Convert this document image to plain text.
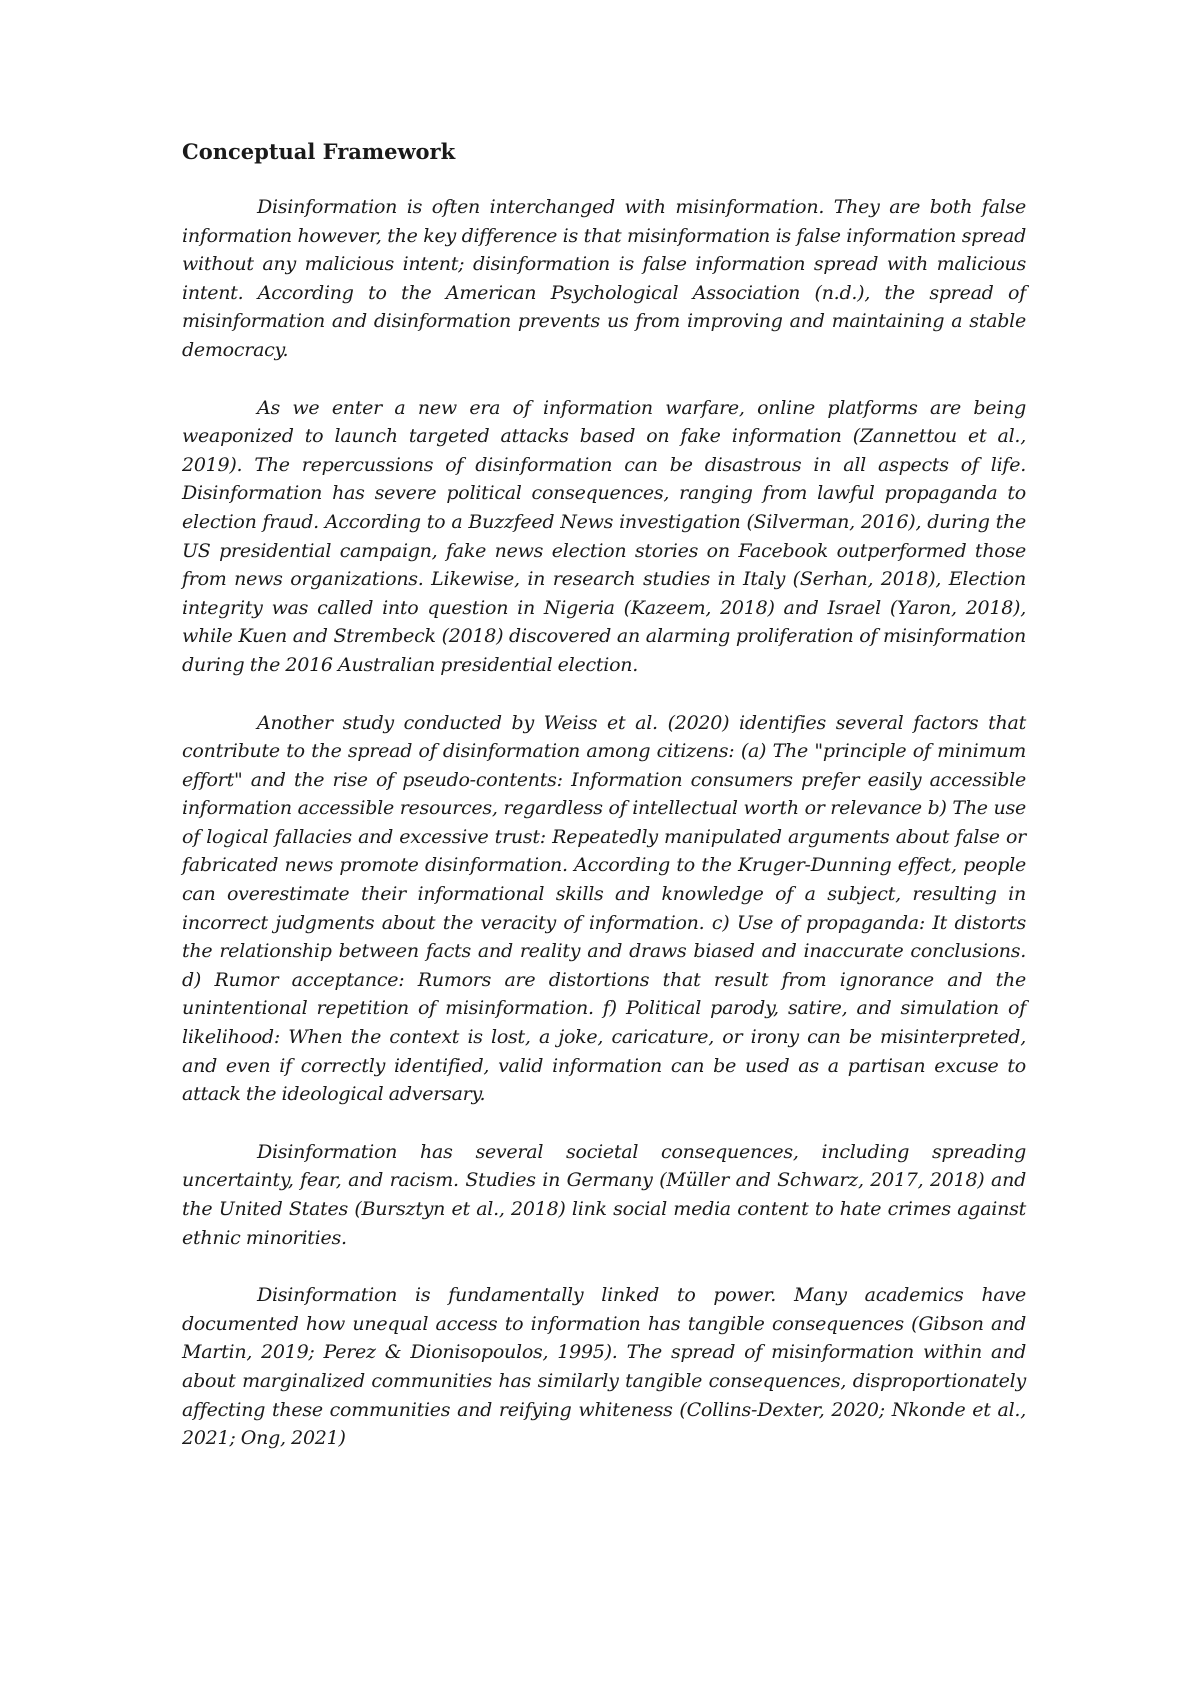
Conceptual Framework

Disinformation is often interchanged with misinformation. They are both false information however, the key difference is that misinformation is false information spread without any malicious intent; disinformation is false information spread with malicious intent. According to the American Psychological Association (n.d.), the spread of misinformation and disinformation prevents us from improving and maintaining a stable democracy.

As we enter a new era of information warfare, online platforms are being weaponized to launch targeted attacks based on fake information (Zannettou et al., 2019). The repercussions of disinformation can be disastrous in all aspects of life. Disinformation has severe political consequences, ranging from lawful propaganda to election fraud. According to a Buzzfeed News investigation (Silverman, 2016), during the US presidential campaign, fake news election stories on Facebook outperformed those from news organizations. Likewise, in research studies in Italy (Serhan, 2018), Election integrity was called into question in Nigeria (Kazeem, 2018) and Israel (Yaron, 2018), while Kuen and Strembeck (2018) discovered an alarming proliferation of misinformation during the 2016 Australian presidential election.

Another study conducted by Weiss et al. (2020) identifies several factors that contribute to the spread of disinformation among citizens: (a) The "principle of minimum effort" and the rise of pseudo-contents: Information consumers prefer easily accessible information accessible resources, regardless of intellectual worth or relevance b) The use of logical fallacies and excessive trust: Repeatedly manipulated arguments about false or fabricated news promote disinformation. According to the Kruger-Dunning effect, people can overestimate their informational skills and knowledge of a subject, resulting in incorrect judgments about the veracity of information. c) Use of propaganda: It distorts the relationship between facts and reality and draws biased and inaccurate conclusions. d) Rumor acceptance: Rumors are distortions that result from ignorance and the unintentional repetition of misinformation. f) Political parody, satire, and simulation of likelihood: When the context is lost, a joke, caricature, or irony can be misinterpreted, and even if correctly identified, valid information can be used as a partisan excuse to attack the ideological adversary.

Disinformation has several societal consequences, including spreading uncertainty, fear, and racism. Studies in Germany (Müller and Schwarz, 2017, 2018) and the United States (Bursztyn et al., 2018) link social media content to hate crimes against ethnic minorities.

Disinformation is fundamentally linked to power. Many academics have documented how unequal access to information has tangible consequences (Gibson and Martin, 2019; Perez & Dionisopoulos, 1995). The spread of misinformation within and about marginalized communities has similarly tangible consequences, disproportionately affecting these communities and reifying whiteness (Collins-Dexter, 2020; Nkonde et al., 2021; Ong, 2021)
